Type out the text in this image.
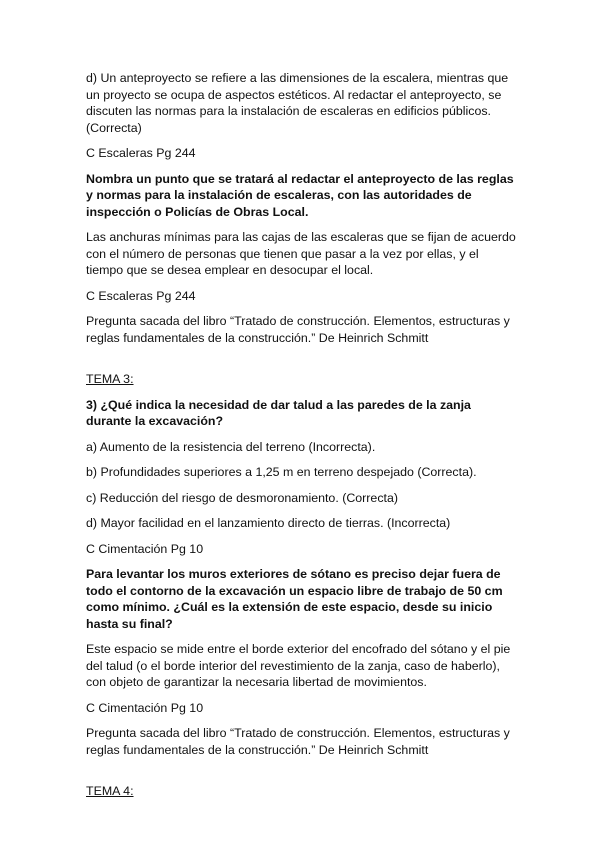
d) Un anteproyecto se refiere a las dimensiones de la escalera, mientras que un proyecto se ocupa de aspectos estéticos. Al redactar el anteproyecto, se discuten las normas para la instalación de escaleras en edificios públicos. (Correcta)

C Escaleras Pg 244

Nombra un punto que se tratará al redactar el anteproyecto de las reglas y normas para la instalación de escaleras, con las autoridades de inspección o Policías de Obras Local.

Las anchuras mínimas para las cajas de las escaleras que se fijan de acuerdo con el número de personas que tienen que pasar a la vez por ellas, y el tiempo que se desea emplear en desocupar el local.

C Escaleras Pg 244

Pregunta sacada del libro “Tratado de construcción. Elementos, estructuras y reglas fundamentales de la construcción.” De Heinrich Schmitt

TEMA 3:

3) ¿Qué indica la necesidad de dar talud a las paredes de la zanja durante la excavación?

a) Aumento de la resistencia del terreno (Incorrecta).

b) Profundidades superiores a 1,25 m en terreno despejado (Correcta).

c) Reducción del riesgo de desmoronamiento. (Correcta)

d) Mayor facilidad en el lanzamiento directo de tierras. (Incorrecta)

C Cimentación Pg 10

Para levantar los muros exteriores de sótano es preciso dejar fuera de todo el contorno de la excavación un espacio libre de trabajo de 50 cm como mínimo. ¿Cuál es la extensión de este espacio, desde su inicio hasta su final?

Este espacio se mide entre el borde exterior del encofrado del sótano y el pie del talud (o el borde interior del revestimiento de la zanja, caso de haberlo), con objeto de garantizar la necesaria libertad de movimientos.

C Cimentación Pg 10

Pregunta sacada del libro “Tratado de construcción. Elementos, estructuras y reglas fundamentales de la construcción.” De Heinrich Schmitt

TEMA 4:
